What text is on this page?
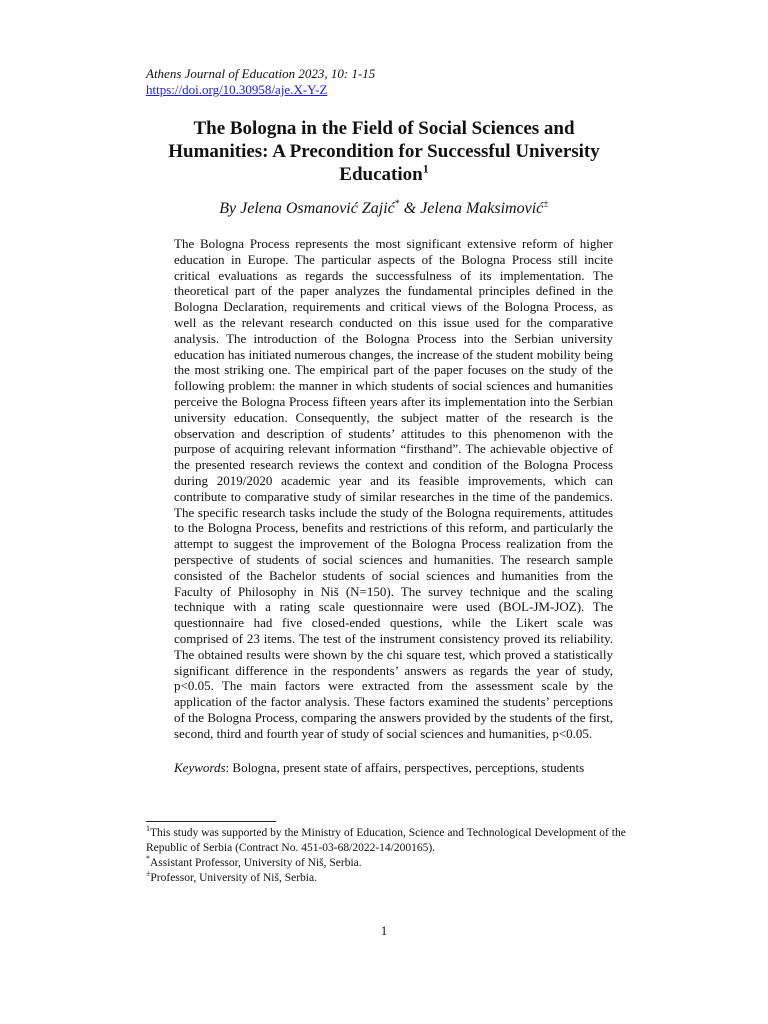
Athens Journal of Education 2023, 10: 1-15
https://doi.org/10.30958/aje.X-Y-Z
The Bologna in the Field of Social Sciences and Humanities: A Precondition for Successful University Education$^1$
By Jelena Osmanović Zajić* & Jelena Maksimović±

The Bologna Process represents the most significant extensive reform of higher education in Europe. The particular aspects of the Bologna Process still incite critical evaluations as regards the successfulness of its implementation. The theoretical part of the paper analyzes the fundamental principles defined in the Bologna Declaration, requirements and critical views of the Bologna Process, as well as the relevant research conducted on this issue used for the comparative analysis. The introduction of the Bologna Process into the Serbian university education has initiated numerous changes, the increase of the student mobility being the most striking one. The empirical part of the paper focuses on the study of the following problem: the manner in which students of social sciences and humanities perceive the Bologna Process fifteen years after its implementation into the Serbian university education. Consequently, the subject matter of the research is the observation and description of students’ attitudes to this phenomenon with the purpose of acquiring relevant information “firsthand”. The achievable objective of the presented research reviews the context and condition of the Bologna Process during 2019/2020 academic year and its feasible improvements, which can contribute to comparative study of similar researches in the time of the pandemics. The specific research tasks include the study of the Bologna requirements, attitudes to the Bologna Process, benefits and restrictions of this reform, and particularly the attempt to suggest the improvement of the Bologna Process realization from the perspective of students of social sciences and humanities. The research sample consisted of the Bachelor students of social sciences and humanities from the Faculty of Philosophy in Niš (N=150). The survey technique and the scaling technique with a rating scale questionnaire were used (BOL-JM-JOZ). The questionnaire had five closed-ended questions, while the Likert scale was comprised of 23 items. The test of the instrument consistency proved its reliability. The obtained results were shown by the chi square test, which proved a statistically significant difference in the respondents’ answers as regards the year of study, p<0.05. The main factors were extracted from the assessment scale by the application of the factor analysis. These factors examined the students’ perceptions of the Bologna Process, comparing the answers provided by the students of the first, second, third and fourth year of study of social sciences and humanities, p<0.05.

Keywords: Bologna, present state of affairs, perspectives, perceptions, students

$^1$This study was supported by the Ministry of Education, Science and Technological Development of the Republic of Serbia (Contract No. 451-03-68/2022-14/200165).

*Assistant Professor, University of Niš, Serbia.

±Professor, University of Niš, Serbia.

1
